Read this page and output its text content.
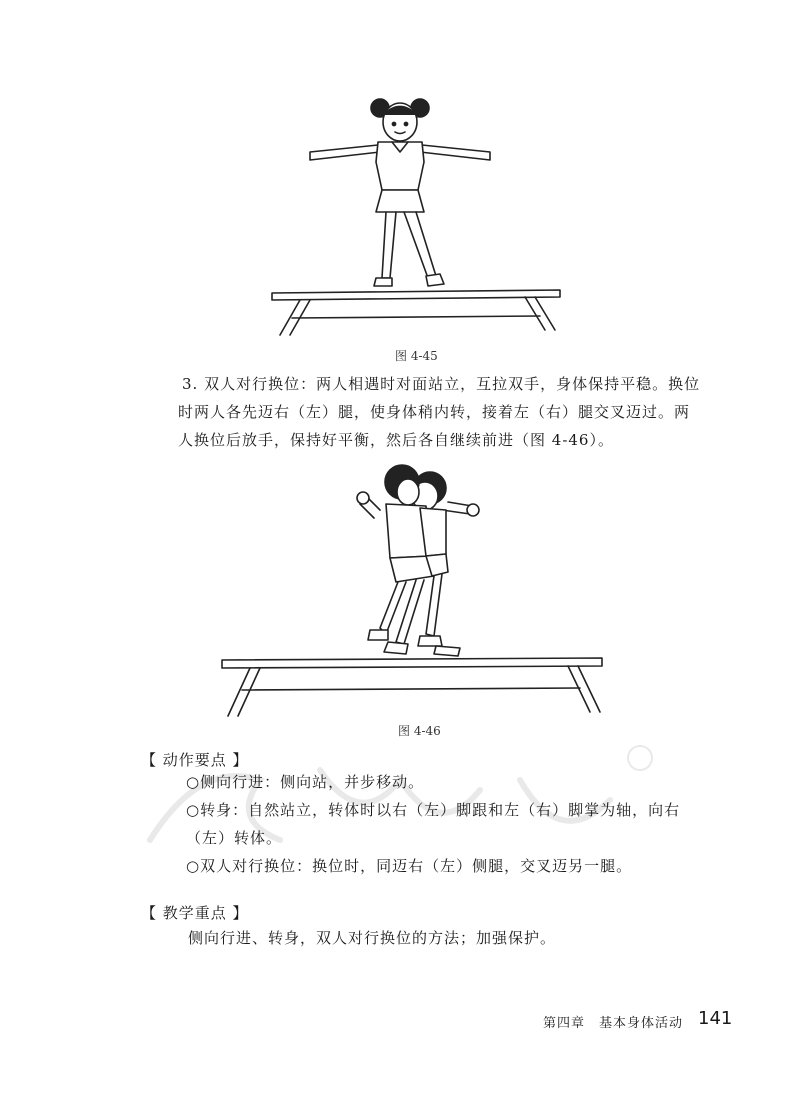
图 4-45
3. 双人对行换位：两人相遇时对面站立，互拉双手，身体保持平稳。换位
时两人各先迈右（左）腿，使身体稍内转，接着左（右）腿交叉迈过。两
人换位后放手，保持好平衡，然后各自继续前进（图 4-46）。
图 4-46
【 动作要点 】
○侧向行进：侧向站，并步移动。
○转身：自然站立，转体时以右（左）脚跟和左（右）脚掌为轴，向右
（左）转体。
○双人对行换位：换位时，同迈右（左）侧腿，交叉迈另一腿。
【 教学重点 】
侧向行进、转身，双人对行换位的方法；加强保护。
第四章　基本身体活动 141
